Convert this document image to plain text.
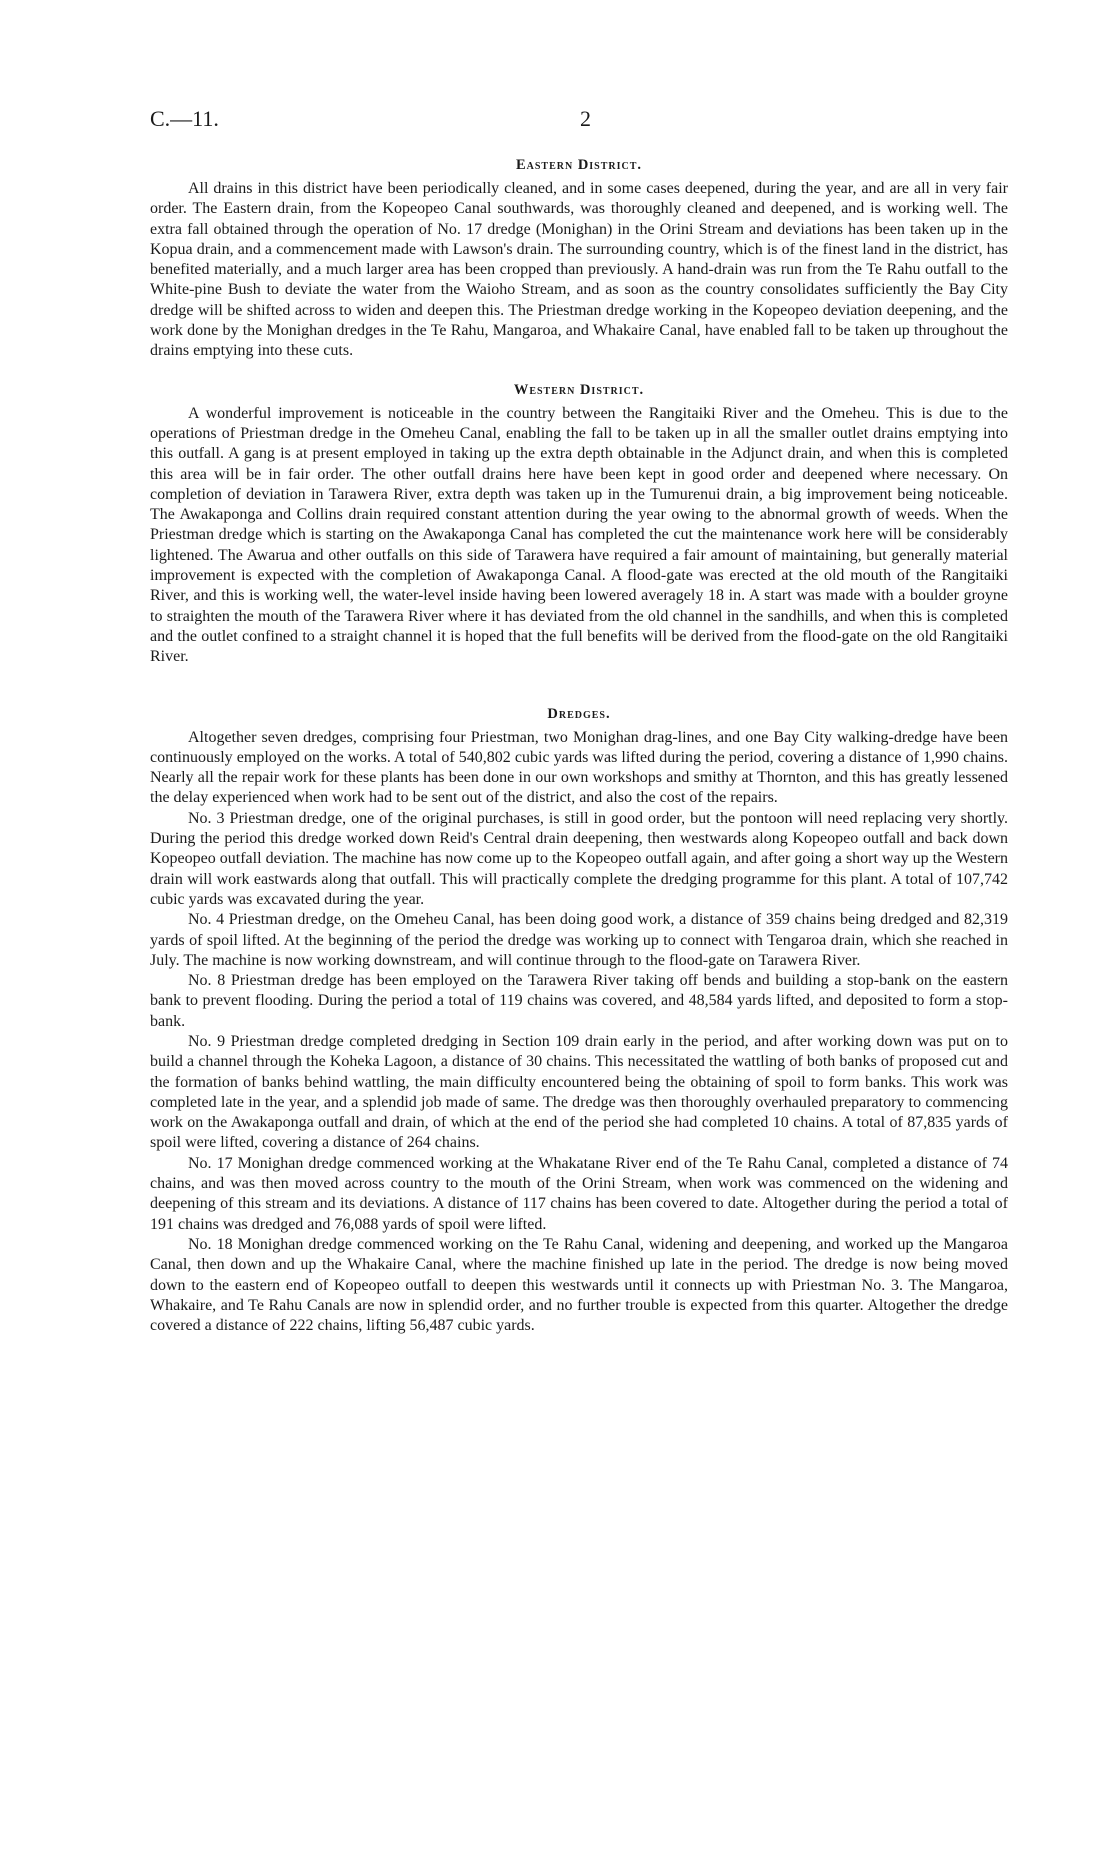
C.—11.	2
Eastern District.

All drains in this district have been periodically cleaned, and in some cases deepened, during the year, and are all in very fair order. The Eastern drain, from the Kopeopeo Canal southwards, was thoroughly cleaned and deepened, and is working well. The extra fall obtained through the operation of No. 17 dredge (Monighan) in the Orini Stream and deviations has been taken up in the Kopua drain, and a commencement made with Lawson's drain. The surrounding country, which is of the finest land in the district, has benefited materially, and a much larger area has been cropped than previously. A hand-drain was run from the Te Rahu outfall to the White-pine Bush to deviate the water from the Waioho Stream, and as soon as the country consolidates sufficiently the Bay City dredge will be shifted across to widen and deepen this. The Priestman dredge working in the Kopeopeo deviation deepening, and the work done by the Monighan dredges in the Te Rahu, Mangaroa, and Whakaire Canal, have enabled fall to be taken up throughout the drains emptying into these cuts.

Western District.

A wonderful improvement is noticeable in the country between the Rangitaiki River and the Omeheu. This is due to the operations of Priestman dredge in the Omeheu Canal, enabling the fall to be taken up in all the smaller outlet drains emptying into this outfall. A gang is at present employed in taking up the extra depth obtainable in the Adjunct drain, and when this is completed this area will be in fair order. The other outfall drains here have been kept in good order and deepened where necessary. On completion of deviation in Tarawera River, extra depth was taken up in the Tumurenui drain, a big improvement being noticeable. The Awakaponga and Collins drain required constant attention during the year owing to the abnormal growth of weeds. When the Priestman dredge which is starting on the Awakaponga Canal has completed the cut the maintenance work here will be considerably lightened. The Awarua and other outfalls on this side of Tarawera have required a fair amount of maintaining, but generally material improvement is expected with the completion of Awakaponga Canal. A flood-gate was erected at the old mouth of the Rangitaiki River, and this is working well, the water-level inside having been lowered averagely 18 in. A start was made with a boulder groyne to straighten the mouth of the Tarawera River where it has deviated from the old channel in the sandhills, and when this is completed and the outlet confined to a straight channel it is hoped that the full benefits will be derived from the flood-gate on the old Rangitaiki River.

Dredges.

Altogether seven dredges, comprising four Priestman, two Monighan drag-lines, and one Bay City walking-dredge have been continuously employed on the works. A total of 540,802 cubic yards was lifted during the period, covering a distance of 1,990 chains. Nearly all the repair work for these plants has been done in our own workshops and smithy at Thornton, and this has greatly lessened the delay experienced when work had to be sent out of the district, and also the cost of the repairs.

No. 3 Priestman dredge, one of the original purchases, is still in good order, but the pontoon will need replacing very shortly. During the period this dredge worked down Reid's Central drain deepening, then westwards along Kopeopeo outfall and back down Kopeopeo outfall deviation. The machine has now come up to the Kopeopeo outfall again, and after going a short way up the Western drain will work eastwards along that outfall. This will practically complete the dredging programme for this plant. A total of 107,742 cubic yards was excavated during the year.

No. 4 Priestman dredge, on the Omeheu Canal, has been doing good work, a distance of 359 chains being dredged and 82,319 yards of spoil lifted. At the beginning of the period the dredge was working up to connect with Tengaroa drain, which she reached in July. The machine is now working downstream, and will continue through to the flood-gate on Tarawera River.

No. 8 Priestman dredge has been employed on the Tarawera River taking off bends and building a stop-bank on the eastern bank to prevent flooding. During the period a total of 119 chains was covered, and 48,584 yards lifted, and deposited to form a stop-bank.

No. 9 Priestman dredge completed dredging in Section 109 drain early in the period, and after working down was put on to build a channel through the Koheka Lagoon, a distance of 30 chains. This necessitated the wattling of both banks of proposed cut and the formation of banks behind wattling, the main difficulty encountered being the obtaining of spoil to form banks. This work was completed late in the year, and a splendid job made of same. The dredge was then thoroughly overhauled preparatory to commencing work on the Awakaponga outfall and drain, of which at the end of the period she had completed 10 chains. A total of 87,835 yards of spoil were lifted, covering a distance of 264 chains.

No. 17 Monighan dredge commenced working at the Whakatane River end of the Te Rahu Canal, completed a distance of 74 chains, and was then moved across country to the mouth of the Orini Stream, when work was commenced on the widening and deepening of this stream and its deviations. A distance of 117 chains has been covered to date. Altogether during the period a total of 191 chains was dredged and 76,088 yards of spoil were lifted.

No. 18 Monighan dredge commenced working on the Te Rahu Canal, widening and deepening, and worked up the Mangaroa Canal, then down and up the Whakaire Canal, where the machine finished up late in the period. The dredge is now being moved down to the eastern end of Kopeopeo outfall to deepen this westwards until it connects up with Priestman No. 3. The Mangaroa, Whakaire, and Te Rahu Canals are now in splendid order, and no further trouble is expected from this quarter. Altogether the dredge covered a distance of 222 chains, lifting 56,487 cubic yards.
